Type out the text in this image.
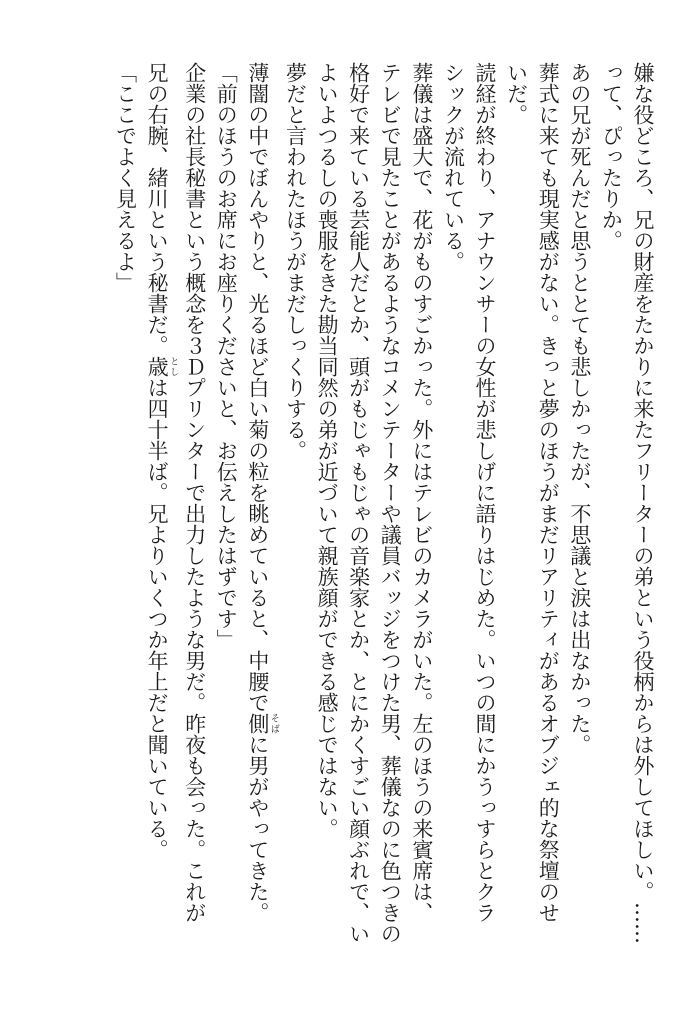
嫌な役どころ、兄の財産をたかりに来たフリーターの弟という役柄からは外してほしい。……
って、ぴったりか。
あの兄が死んだと思うととても悲しかったが、不思議と涙は出なかった。
葬式に来ても現実感がない。きっと夢のほうがまだリアリティがあるオブジェ的な祭壇のせ
いだ。
読経が終わり、アナウンサーの女性が悲しげに語りはじめた。いつの間にかうっすらとクラ
シックが流れている。
葬儀は盛大で、花がものすごかった。外にはテレビのカメラがいた。左のほうの来賓席は、
テレビで見たことがあるようなコメンテーターや議員バッジをつけた男、葬儀なのに色つきの
格好で来ている芸能人だとか、頭がもじゃもじゃの音楽家とか、とにかくすごい顔ぶれで、い
よいよつるしの喪服をきた勘当同然の弟が近づいて親族顔ができる感じではない。
夢だと言われたほうがまだしっくりする。
薄闇の中でぼんやりと、光るほど白い菊の粒を眺めていると、中腰で側 そばに男がやってきた。
「前のほうのお席にお座りくださいと、お伝えしたはずです」
企業の社長秘書という概念を３Ｄプリンターで出力したような男だ。昨夜も会った。これが
兄の右腕、緒川という秘書だ。歳 としは四十半ば。兄よりいくつか年上だと聞いている。
「ここでよく見えるよ」
